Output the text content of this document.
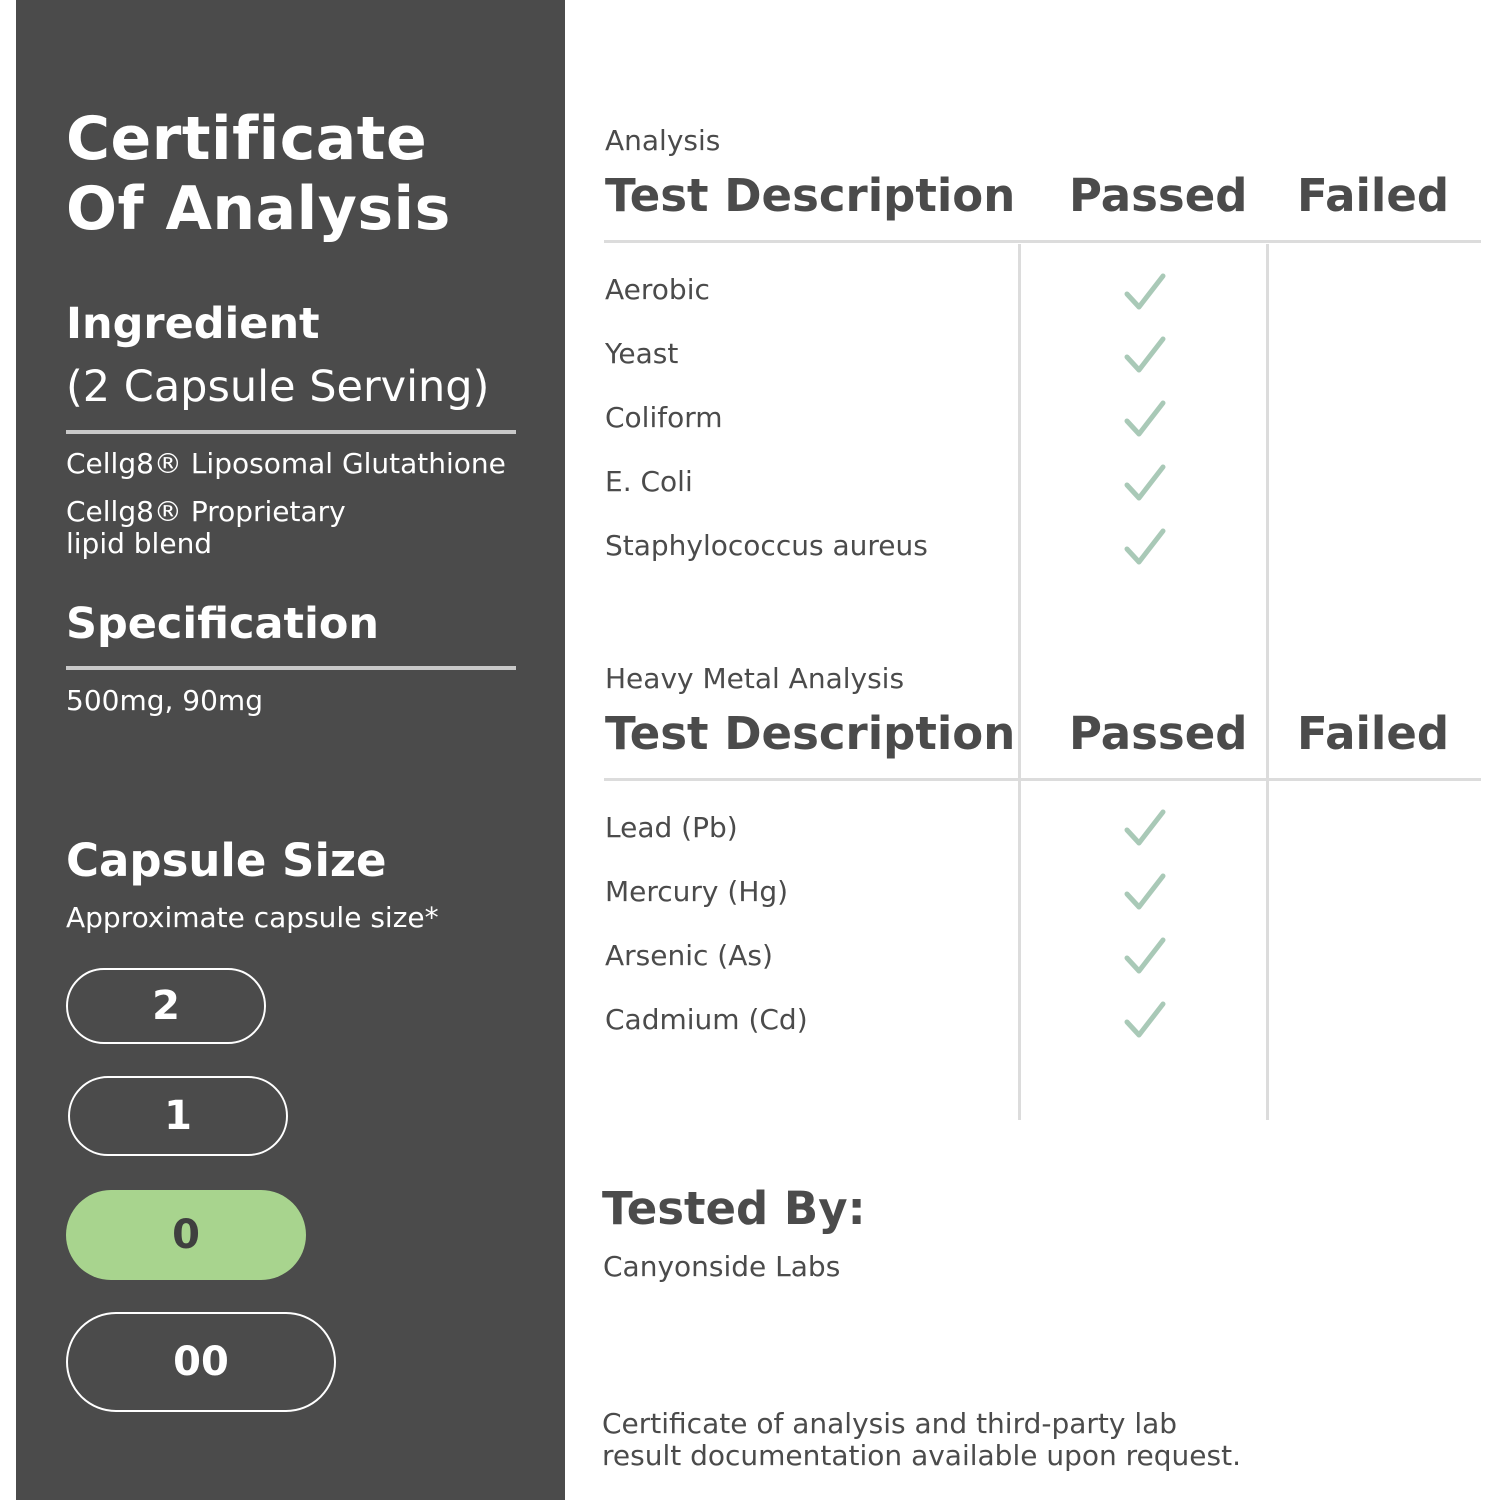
Certificate
Of Analysis
Ingredient
(2 Capsule Serving)
Cellg8® Liposomal Glutathione
Cellg8® Proprietary
lipid blend
Specification
500mg, 90mg
Capsule Size
Approximate capsule size*
2
1
0
00
Analysis
Test Description Passed Failed
Aerobic
Yeast
Coliform
E. Coli
Staphylococcus aureus
Heavy Metal Analysis
Test Description Passed Failed
Lead (Pb)
Mercury (Hg)
Arsenic (As)
Cadmium (Cd)
Tested By:
Canyonside Labs
Certificate of analysis and third-party lab
result documentation available upon request.
